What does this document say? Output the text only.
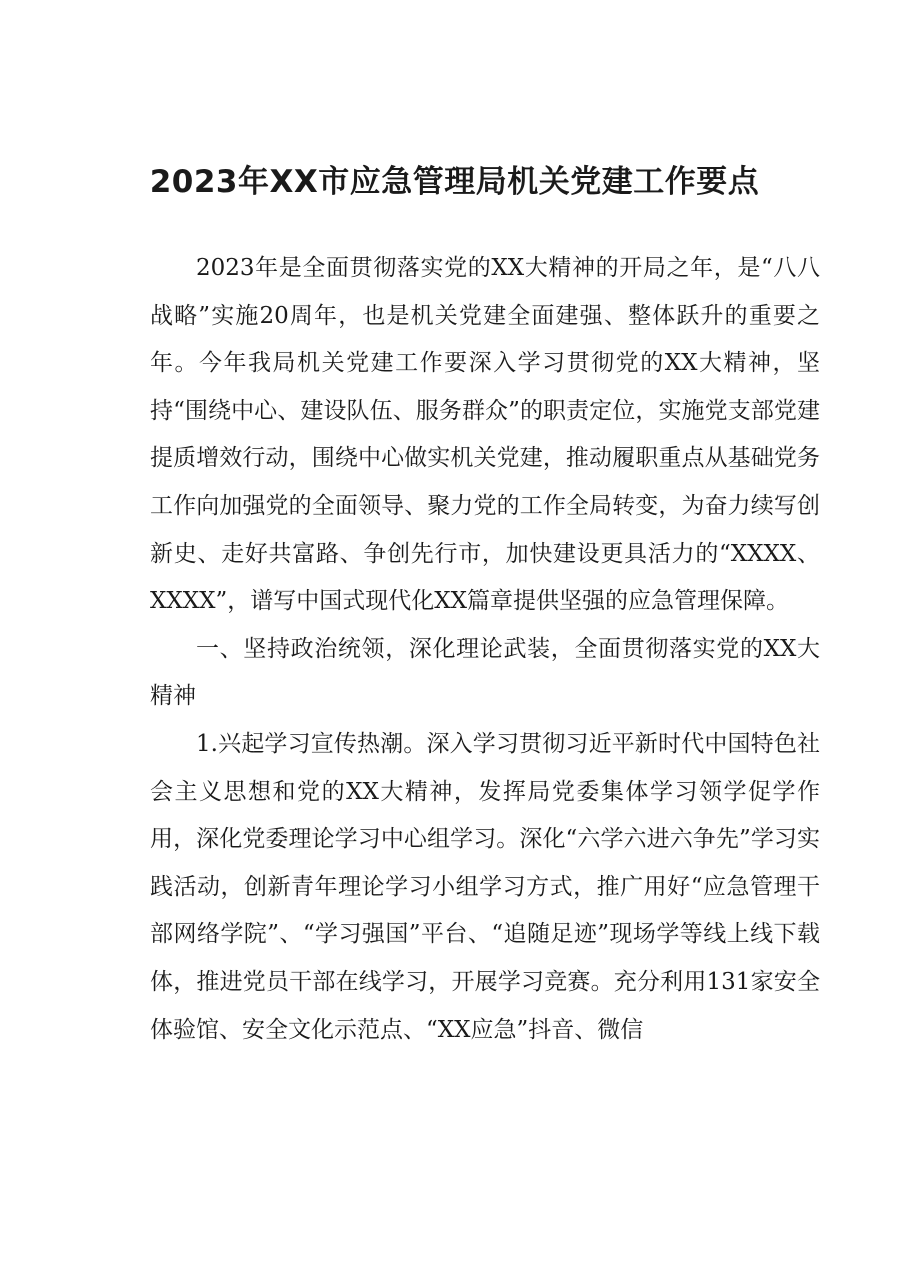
2023年XX市应急管理局机关党建工作要点

2023年是全面贯彻落实党的XX大精神的开局之年，是“八八战略”实施20周年，也是机关党建全面建强、整体跃升的重要之年。今年我局机关党建工作要深入学习贯彻党的XX大精神，坚持“围绕中心、建设队伍、服务群众”的职责定位，实施党支部党建提质增效行动，围绕中心做实机关党建，推动履职重点从基础党务工作向加强党的全面领导、聚力党的工作全局转变，为奋力续写创新史、走好共富路、争创先行市，加快建设更具活力的“XXXX、XXXX”，谱写中国式现代化XX篇章提供坚强的应急管理保障。

一、坚持政治统领，深化理论武装，全面贯彻落实党的XX大精神

1.兴起学习宣传热潮。深入学习贯彻习近平新时代中国特色社会主义思想和党的XX大精神，发挥局党委集体学习领学促学作用，深化党委理论学习中心组学习。深化“六学六进六争先”学习实践活动，创新青年理论学习小组学习方式，推广用好“应急管理干部网络学院”、“学习强国”平台、“追随足迹”现场学等线上线下载体，推进党员干部在线学习，开展学习竞赛。充分利用131家安全体验馆、安全文化示范点、“XX应急”抖音、微信
